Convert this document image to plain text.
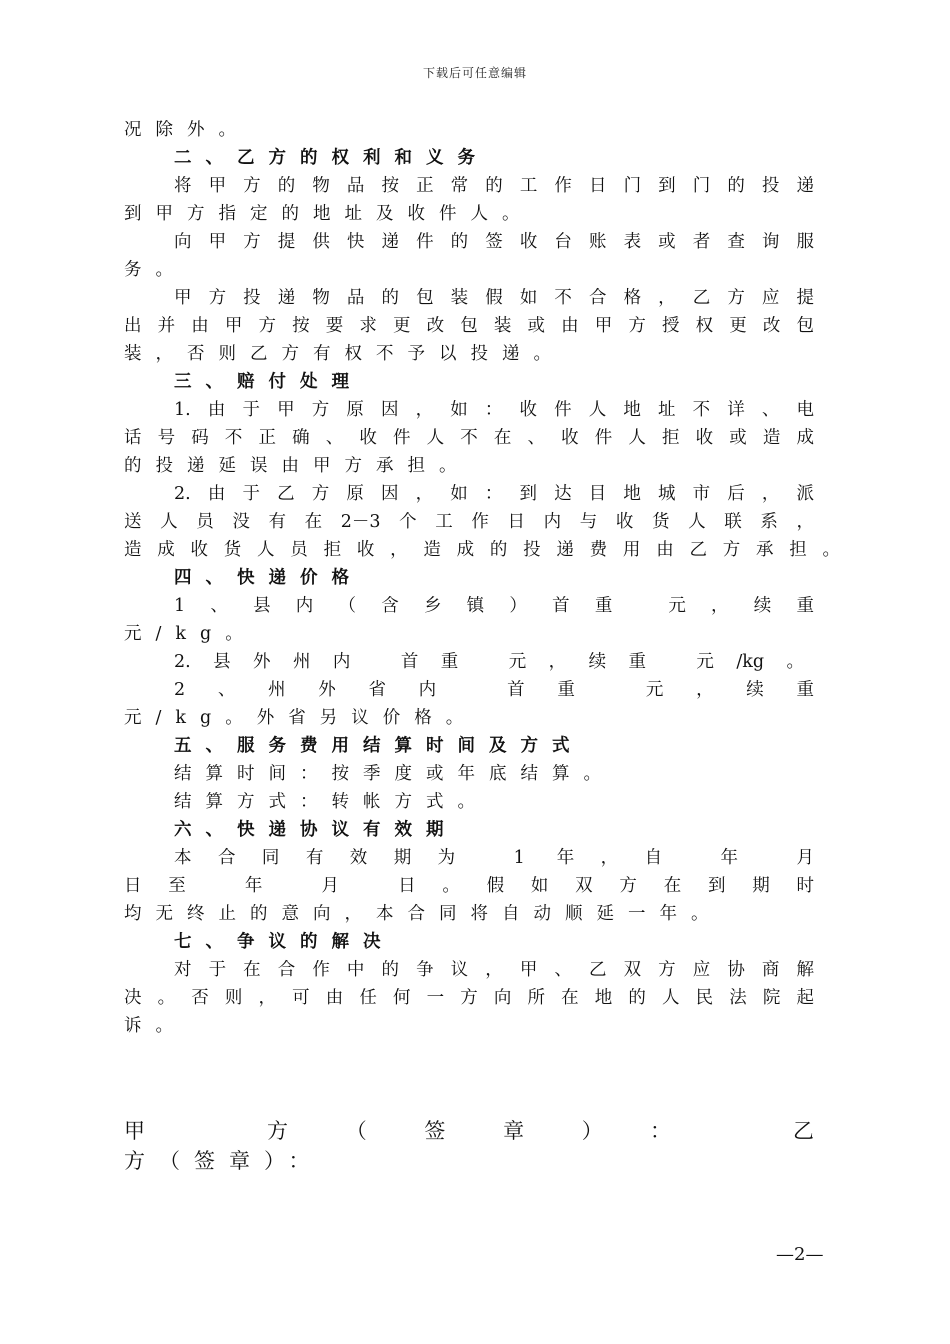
下载后可任意编辑
况除外。
二、乙方的权利和义务
将甲方的物品按正常的工作日门到门的投递
到甲方指定的地址及收件人。
向甲方提供快递件的签收台账表或者查询服
务。
甲方投递物品的包装假如不合格，乙方应提
出并由甲方按要求更改包装或由甲方授权更改包
装，否则乙方有权不予以投递。
三、赔付处理
1.由于甲方原因，如：收件人地址不详、电
话号码不正确、收件人不在、收件人拒收或造成
的投递延误由甲方承担。
2.由于乙方原因，如：到达目地城市后，派
送人员没有在2－3个工作日内与收货人联系，
造成收货人员拒收，造成的投递费用由乙方承担。
四、快递价格
1、县内（含乡镇）首重 元，续重
元/kg。
2.县外州内 首重 元，续重 元/kg。
2、州外省内 首重 元，续重
元/kg。外省另议价格。
五、服务费用结算时间及方式
结算时间：按季度或年底结算。
结算方式：转帐方式。
六、快递协议有效期
本合同有效期为 1 年，自 年 月
日至 年 月 日。假如双方在到期时
均无终止的意向，本合同将自动顺延一年。
七、争议的解决
对于在合作中的争议，甲、乙双方应协商解
决。否则，可由任何一方向所在地的人民法院起
诉。
甲 方（签章）： 乙
方（签章）：
—2—
